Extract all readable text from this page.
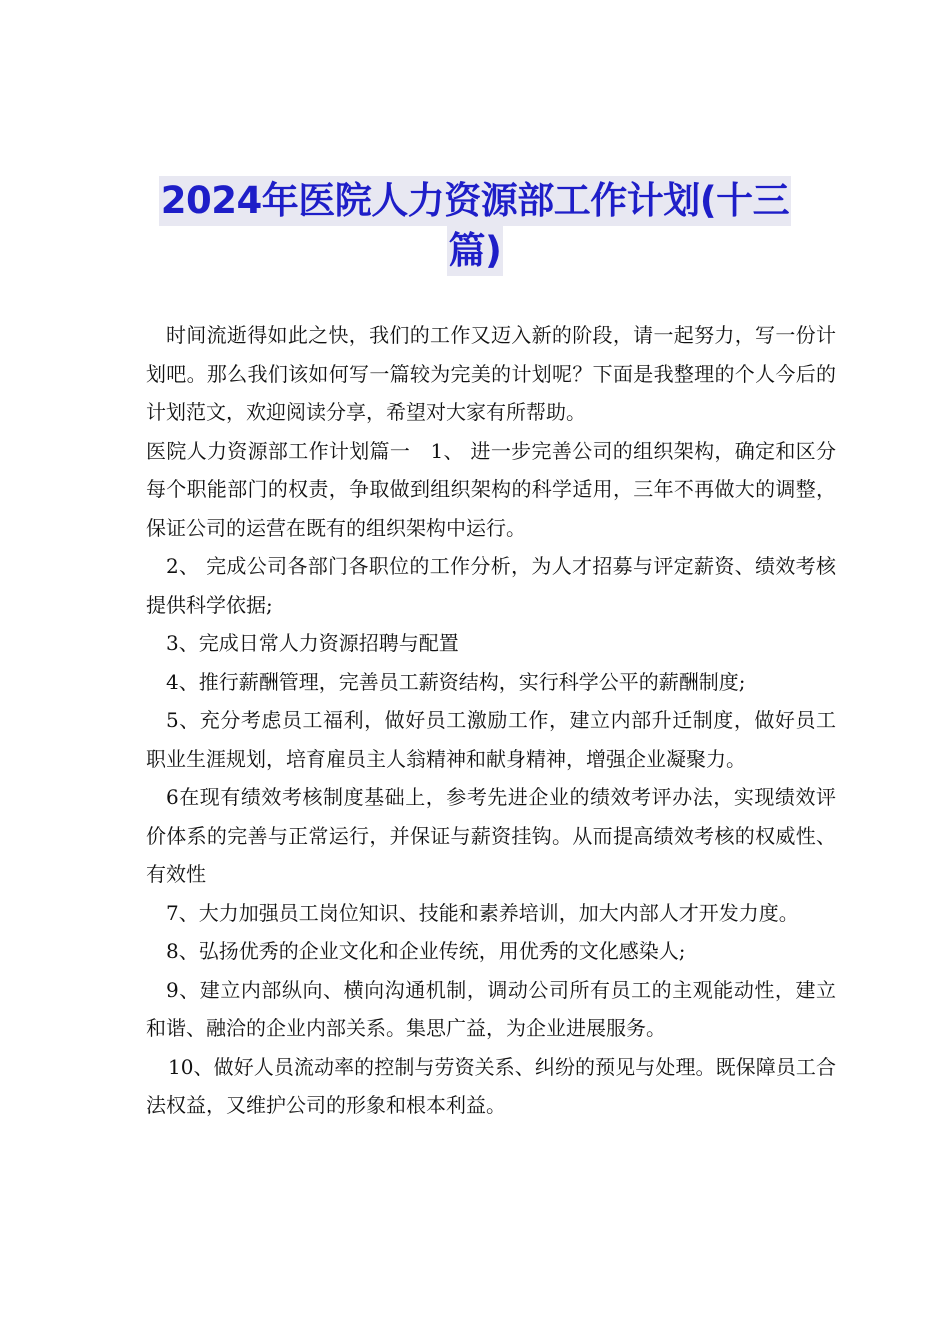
2024年医院人力资源部工作计划(十三
篇)

时间流逝得如此之快，我们的工作又迈入新的阶段，请一起努力，写一份计划吧。那么我们该如何写一篇较为完美的计划呢？下面是我整理的个人今后的计划范文，欢迎阅读分享，希望对大家有所帮助。

医院人力资源部工作计划篇一　1、 进一步完善公司的组织架构，确定和区分每个职能部门的权责，争取做到组织架构的科学适用，三年不再做大的调整，保证公司的运营在既有的组织架构中运行。

2、 完成公司各部门各职位的工作分析，为人才招募与评定薪资、绩效考核提供科学依据;

3、完成日常人力资源招聘与配置

4、推行薪酬管理，完善员工薪资结构，实行科学公平的薪酬制度;

5、充分考虑员工福利，做好员工激励工作，建立内部升迁制度，做好员工职业生涯规划，培育雇员主人翁精神和献身精神，增强企业凝聚力。

6在现有绩效考核制度基础上，参考先进企业的绩效考评办法，实现绩效评价体系的完善与正常运行，并保证与薪资挂钩。从而提高绩效考核的权威性、有效性

7、大力加强员工岗位知识、技能和素养培训，加大内部人才开发力度。

8、弘扬优秀的企业文化和企业传统，用优秀的文化感染人;

9、建立内部纵向、横向沟通机制，调动公司所有员工的主观能动性，建立和谐、融洽的企业内部关系。集思广益，为企业进展服务。

10、做好人员流动率的控制与劳资关系、纠纷的预见与处理。既保障员工合法权益，又维护公司的形象和根本利益。
